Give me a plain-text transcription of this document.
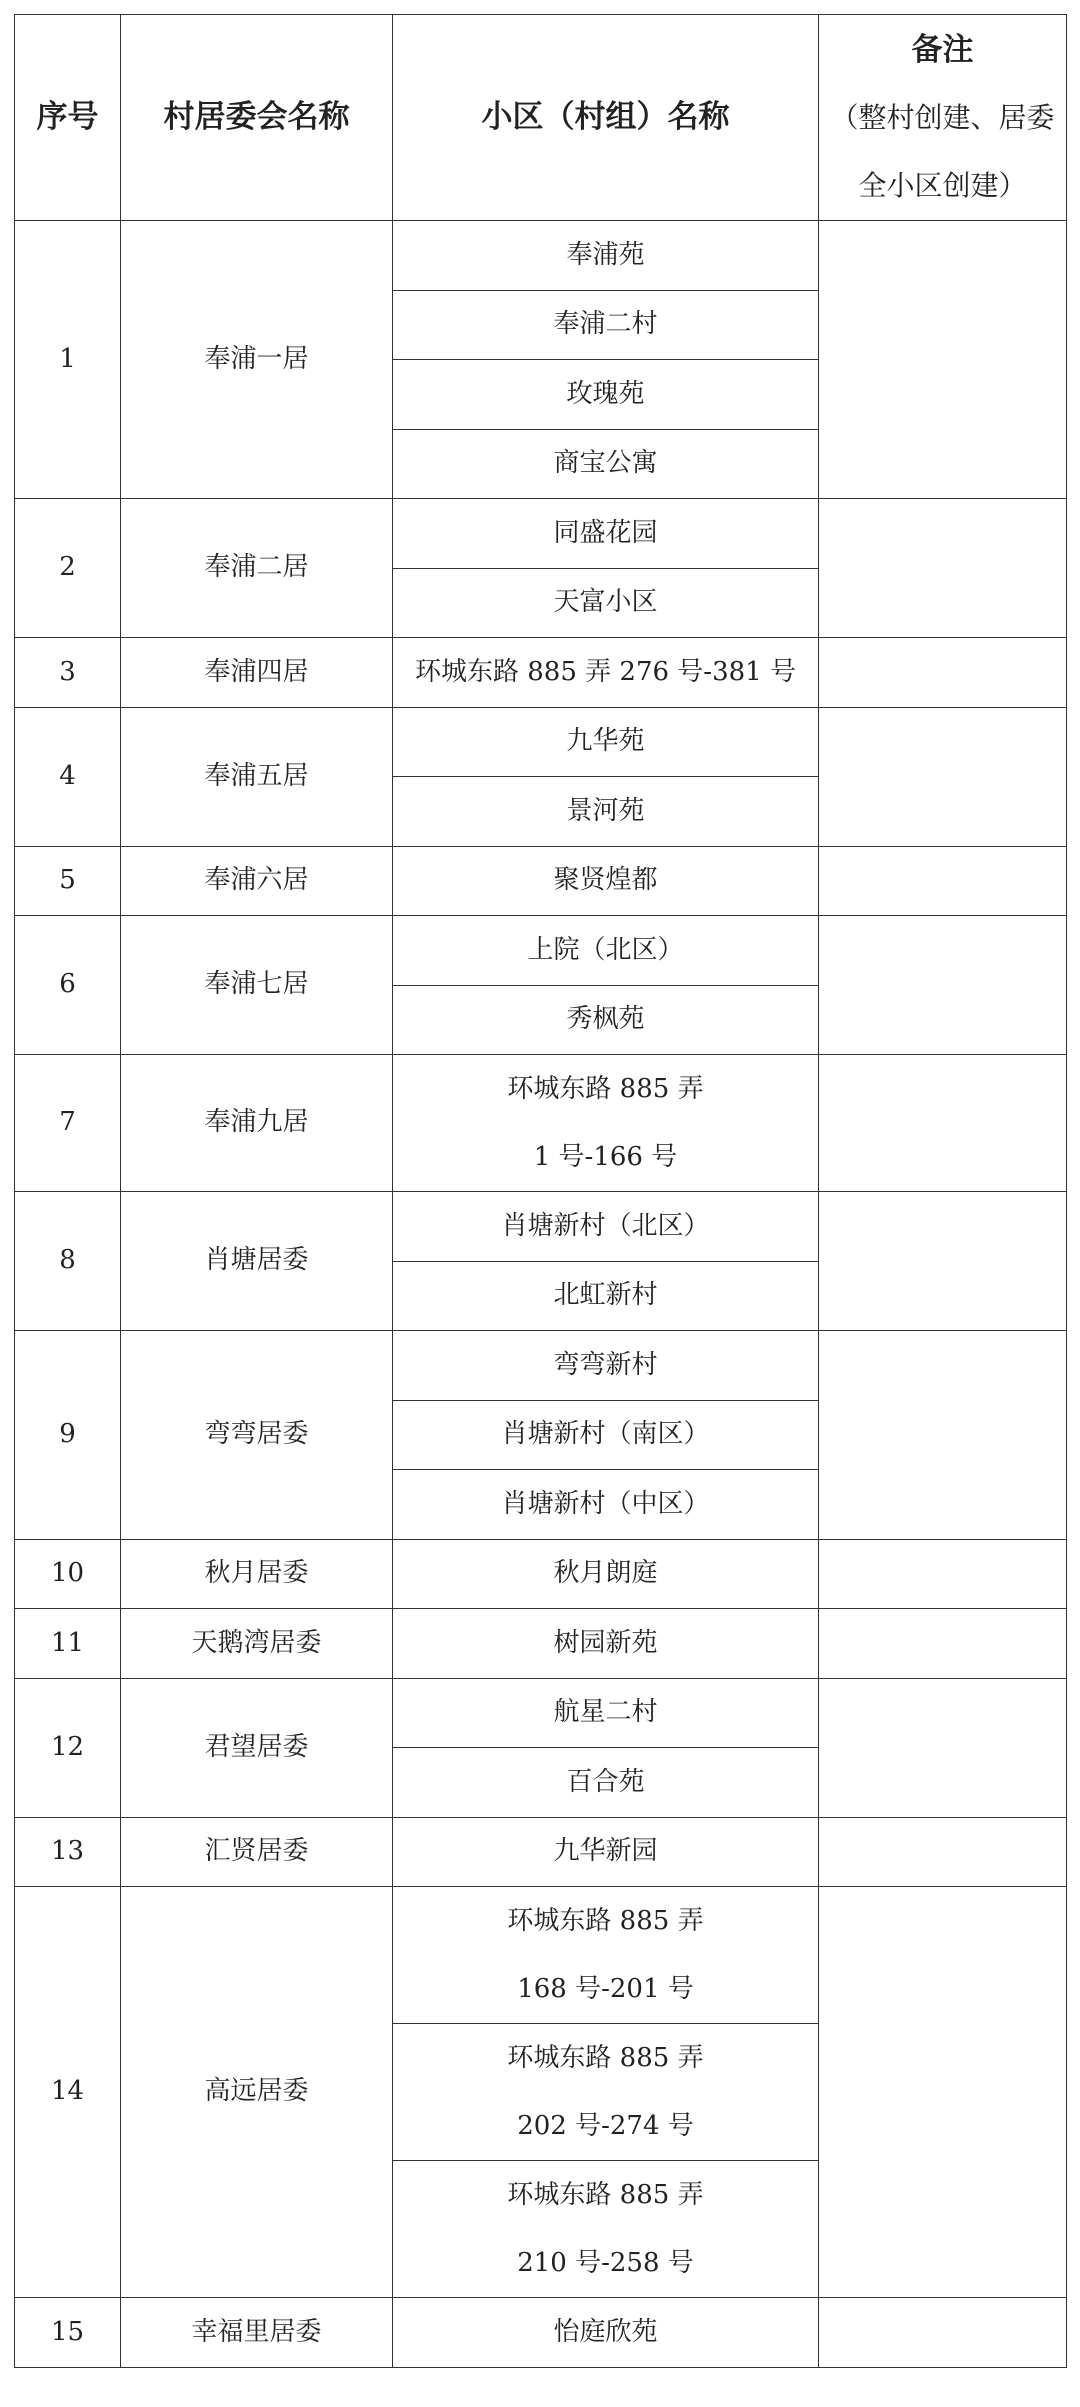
序号	村居委会名称	小区（村组）名称	备注
（整村创建、居委
全小区创建）

1	奉浦一居	奉浦苑	
		奉浦二村	
		玫瑰苑	
		商宝公寓	
2	奉浦二居	同盛花园	
		天富小区	
3	奉浦四居	环城东路 885 弄 276 号-381 号	
4	奉浦五居	九华苑	
		景河苑	
5	奉浦六居	聚贤煌都	
6	奉浦七居	上院（北区）	
		秀枫苑	
7	奉浦九居	环城东路 885 弄
1 号-166 号	

8	肖塘居委	肖塘新村（北区）	
		北虹新村	
9	弯弯居委	弯弯新村	
		肖塘新村（南区）	
		肖塘新村（中区）	
10	秋月居委	秋月朗庭	
11	天鹅湾居委	树园新苑	
12	君望居委	航星二村	
		百合苑	
13	汇贤居委	九华新园	
14	高远居委	环城东路 885 弄
168 号-201 号	

		环城东路 885 弄
202 号-274 号	

		环城东路 885 弄
210 号-258 号	

15	幸福里居委	怡庭欣苑	
